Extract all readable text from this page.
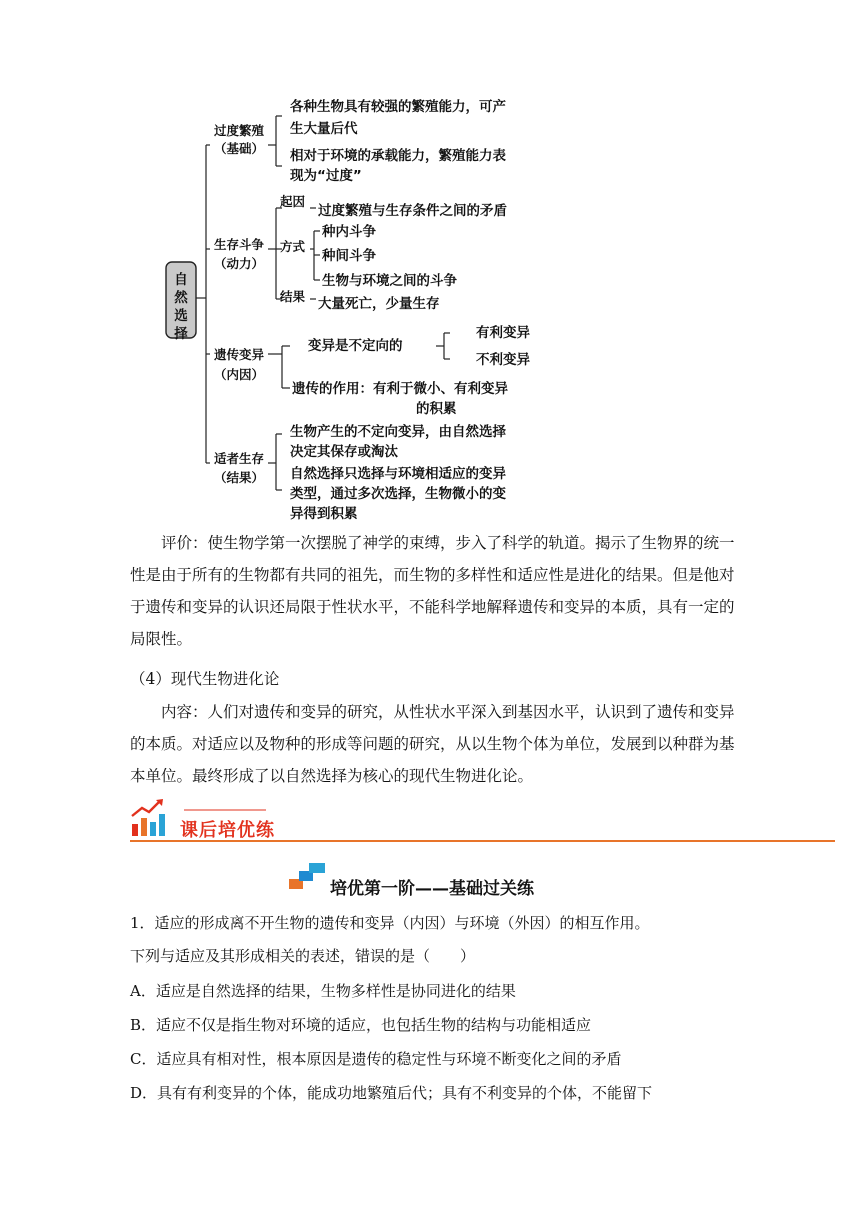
自然选择
过度繁殖
（基础）
各种生物具有较强的繁殖能力，可产
生大量后代
相对于环境的承载能力，繁殖能力表
现为“过度”
生存斗争
（动力）
起因
过度繁殖与生存条件之间的矛盾
方式
种内斗争
种间斗争
生物与环境之间的斗争
结果 大量死亡，少量生存
遗传变异
（内因）
变异是不定向的
有利变异
不利变异
遗传的作用：有利于微小、有利变异
的积累
适者生存
（结果）
生物产生的不定向变异，由自然选择
决定其保存或淘汰
自然选择只选择与环境相适应的变异
类型，通过多次选择，生物微小的变
异得到积累
评价：使生物学第一次摆脱了神学的束缚，步入了科学的轨道。揭示了生物界的统一性是由于所有的生物都有共同的祖先，而生物的多样性和适应性是进化的结果。但是他对于遗传和变异的认识还局限于性状水平，不能科学地解释遗传和变异的本质，具有一定的局限性。
（4）现代生物进化论
内容：人们对遗传和变异的研究，从性状水平深入到基因水平，认识到了遗传和变异的本质。对适应以及物种的形成等问题的研究，从以生物个体为单位，发展到以种群为基本单位。最终形成了以自然选择为核心的现代生物进化论。
课后培优练
培优第一阶——基础过关练
1．适应的形成离不开生物的遗传和变异（内因）与环境（外因）的相互作用。
下列与适应及其形成相关的表述，错误的是（　　）
A．适应是自然选择的结果，生物多样性是协同进化的结果
B．适应不仅是指生物对环境的适应，也包括生物的结构与功能相适应
C．适应具有相对性，根本原因是遗传的稳定性与环境不断变化之间的矛盾
D．具有有利变异的个体，能成功地繁殖后代；具有不利变异的个体，不能留下
